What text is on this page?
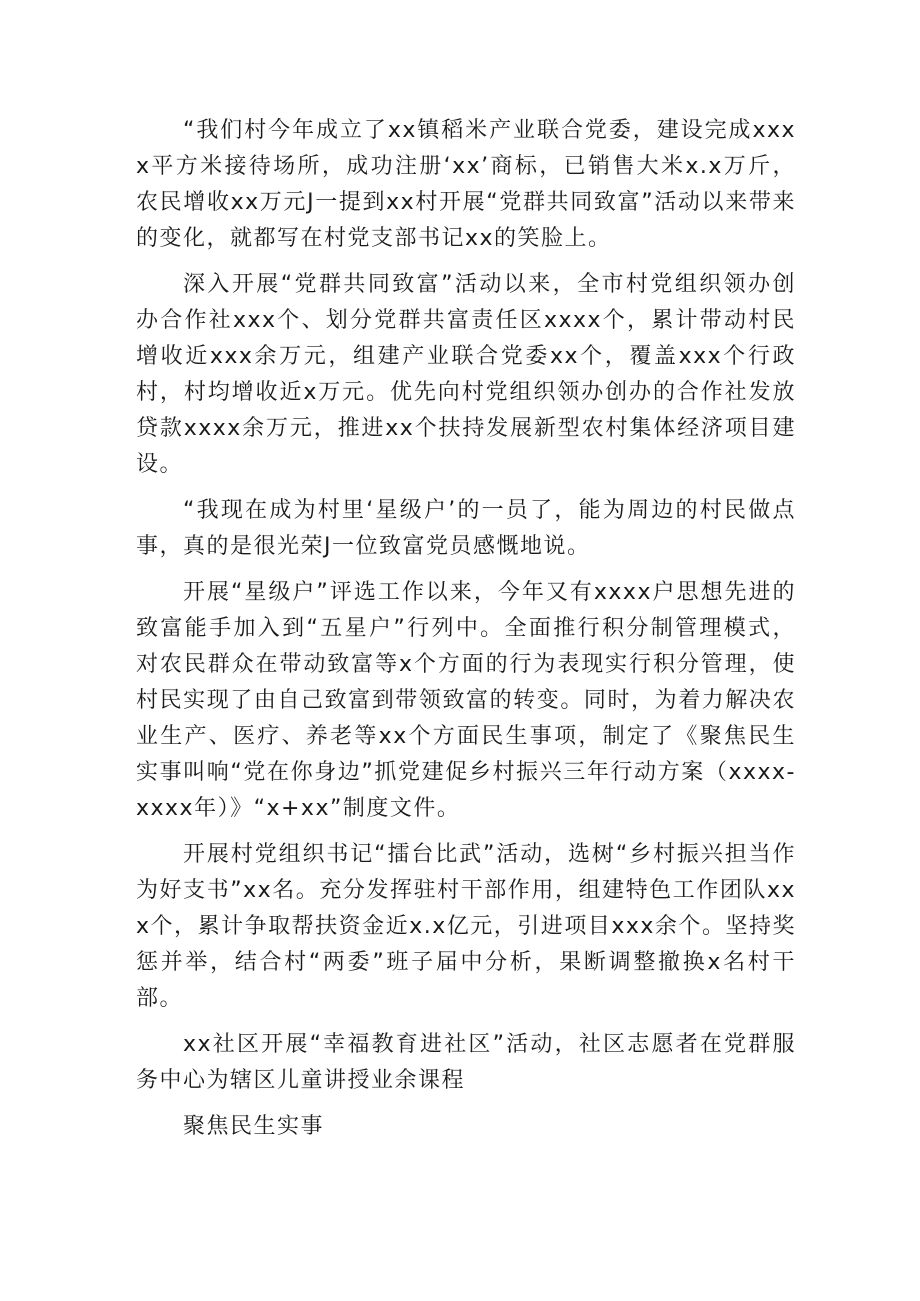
“我们村今年成立了xx镇稻米产业联合党委，建设完成xxxx平方米接待场所，成功注册‘xx’商标，已销售大米x.x万斤，农民增收xx万元J一提到xx村开展“党群共同致富”活动以来带来的变化，就都写在村党支部书记xx的笑脸上。

深入开展“党群共同致富”活动以来，全市村党组织领办创办合作社xxx个、划分党群共富责任区xxxx个，累计带动村民增收近xxx余万元，组建产业联合党委xx个，覆盖xxx个行政村，村均增收近x万元。优先向村党组织领办创办的合作社发放贷款xxxx余万元，推进xx个扶持发展新型农村集体经济项目建设。

“我现在成为村里‘星级户’的一员了，能为周边的村民做点事，真的是很光荣J一位致富党员感慨地说。

开展“星级户”评选工作以来，今年又有xxxx户思想先进的致富能手加入到“五星户”行列中。全面推行积分制管理模式，对农民群众在带动致富等x个方面的行为表现实行积分管理，使村民实现了由自己致富到带领致富的转变。同时，为着力解决农业生产、医疗、养老等xx个方面民生事项，制定了《聚焦民生实事叫响“党在你身边”抓党建促乡村振兴三年行动方案（xxxx-xxxx年）》“x+xx”制度文件。

开展村党组织书记“擂台比武”活动，选树“乡村振兴担当作为好支书”xx名。充分发挥驻村干部作用，组建特色工作团队xxx个，累计争取帮扶资金近x.x亿元，引进项目xxx余个。坚持奖惩并举，结合村“两委”班子届中分析，果断调整撤换x名村干部。

xx社区开展“幸福教育进社区”活动，社区志愿者在党群服务中心为辖区儿童讲授业余课程

聚焦民生实事
